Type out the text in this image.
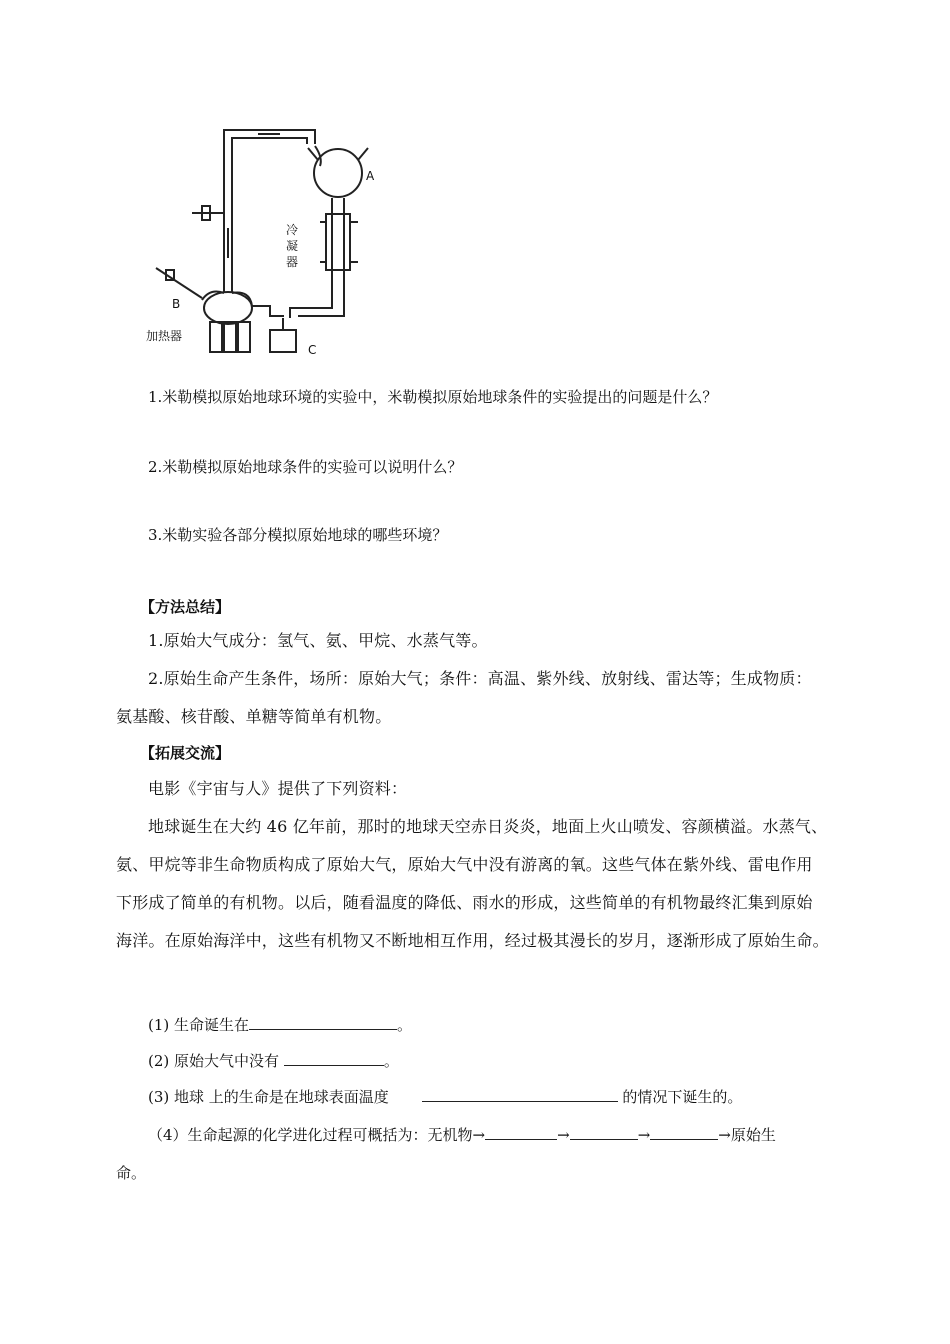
A
B
C
冷
凝
器
加热器
1.米勒模拟原始地球环境的实验中，米勒模拟原始地球条件的实验提出的问题是什么？
2.米勒模拟原始地球条件的实验可以说明什么？
3.米勒实验各部分模拟原始地球的哪些环境？
【方法总结】
1.原始大气成分：氢气、氨、甲烷、水蒸气等。
2.原始生命产生条件，场所：原始大气；条件：高温、紫外线、放射线、雷达等；生成物质：
氨基酸、核苷酸、单糖等简单有机物。
【拓展交流】
电影《宇宙与人》提供了下列资料：
地球诞生在大约 46 亿年前，那时的地球天空赤日炎炎，地面上火山喷发、容颜横溢。水蒸气、
氨、甲烷等非生命物质构成了原始大气，原始大气中没有游离的氧。这些气体在紫外线、雷电作用
下形成了简单的有机物。以后，随看温度的降低、雨水的形成，这些简单的有机物最终汇集到原始
海洋。在原始海洋中，这些有机物又不断地相互作用，经过极其漫长的岁月，逐渐形成了原始生命。
(1) 生命诞生在	。
(2) 原始大气中没有	。
(3) 地球 上的生命是在地球表面温度	的情况下诞生的。
（4）生命起源的化学进化过程可概括为：无机物→	→	→	→原始生
命。
